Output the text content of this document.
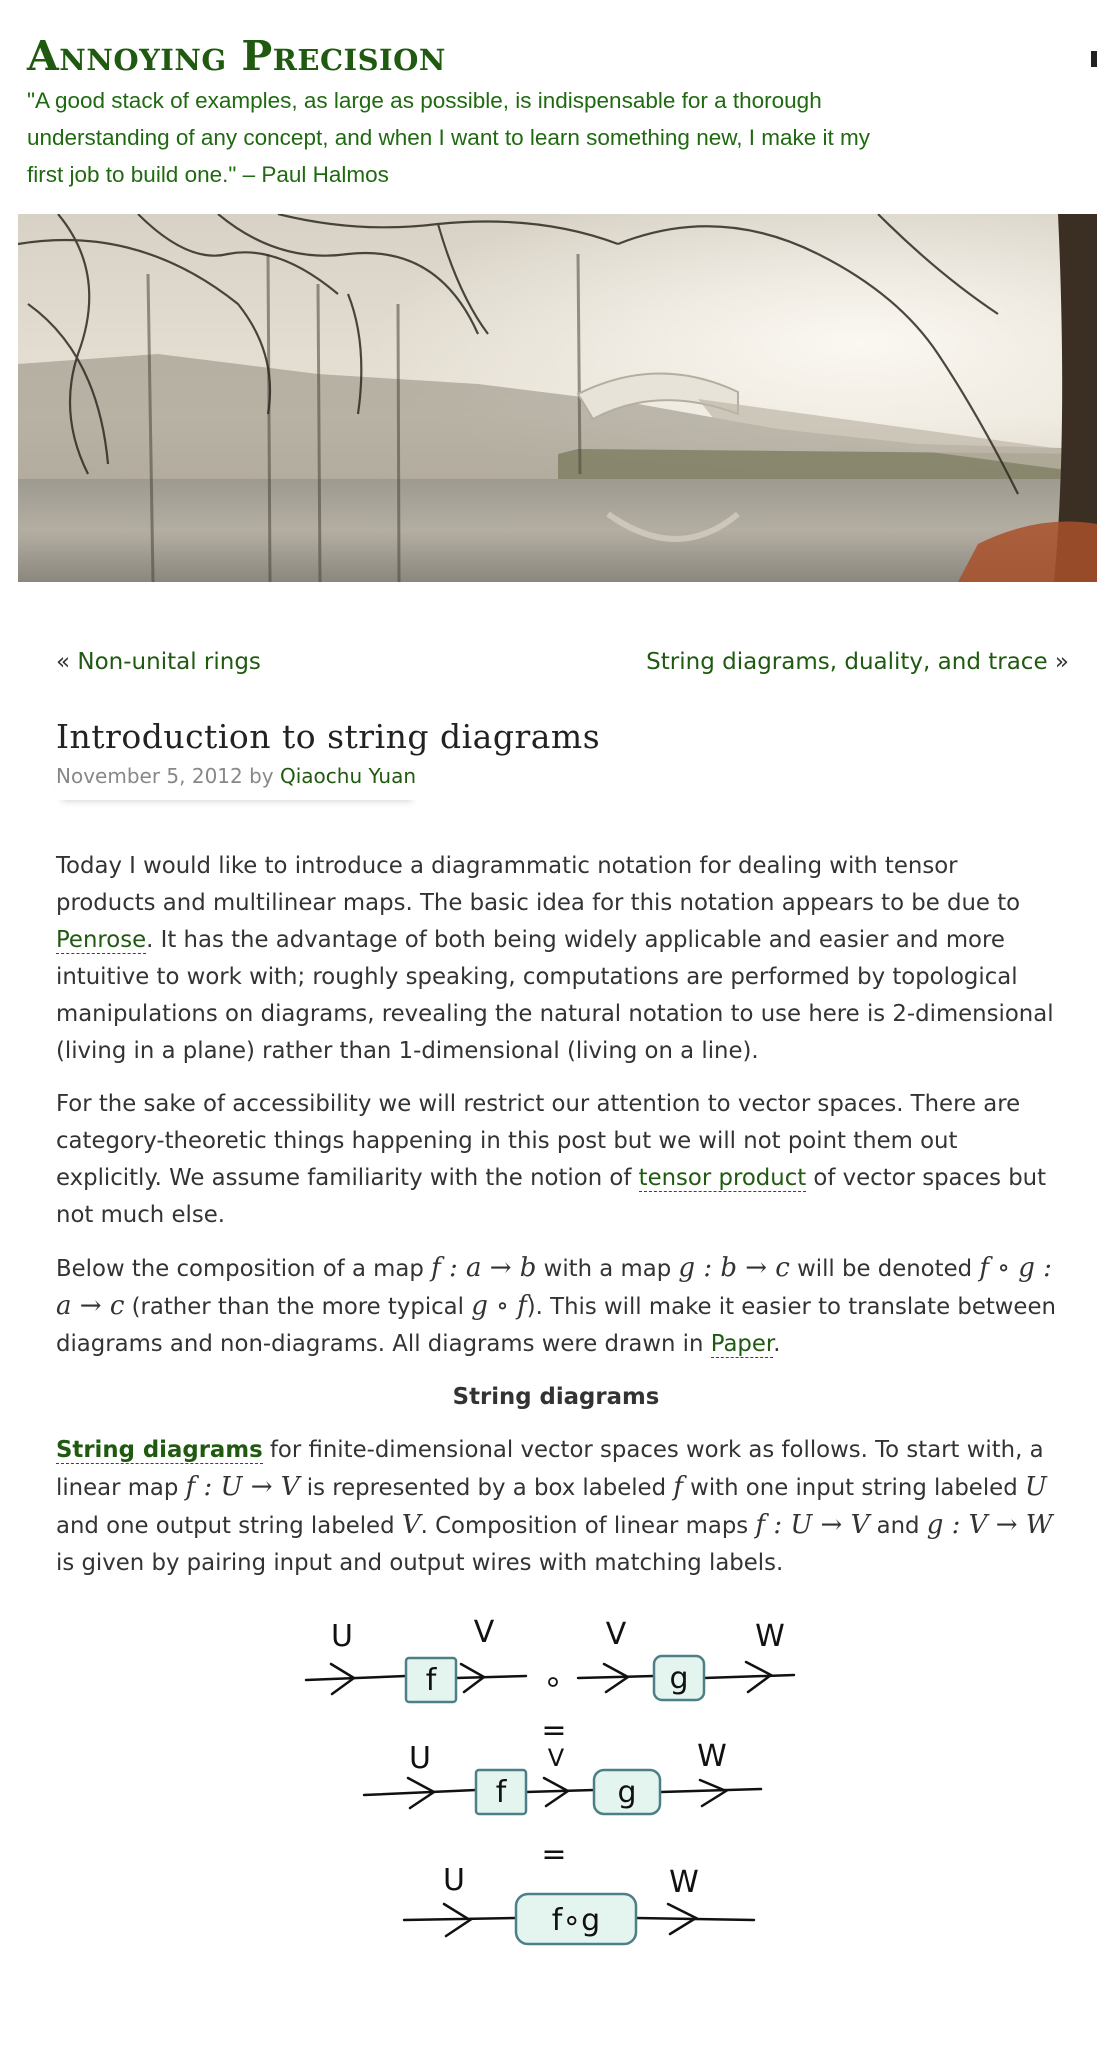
Annoying Precision
"A good stack of examples, as large as possible, is indispensable for a thorough understanding of any concept, and when I want to learn something new, I make it my first job to build one." – Paul Halmos
« Non-unital rings	String diagrams, duality, and trace »
Introduction to string diagrams
November 5, 2012 by Qiaochu Yuan

Today I would like to introduce a diagrammatic notation for dealing with tensor products and multilinear maps. The basic idea for this notation appears to be due to Penrose. It has the advantage of both being widely applicable and easier and more intuitive to work with; roughly speaking, computations are performed by topological manipulations on diagrams, revealing the natural notation to use here is 2-dimensional (living in a plane) rather than 1-dimensional (living on a line).

For the sake of accessibility we will restrict our attention to vector spaces. There are category-theoretic things happening in this post but we will not point them out explicitly. We assume familiarity with the notion of tensor product of vector spaces but not much else.

Below the composition of a map f : a → b with a map g : b → c will be denoted f ∘ g : a → c (rather than the more typical g ∘ f). This will make it easier to translate between diagrams and non-diagrams. All diagrams were drawn in Paper.

String diagrams

String diagrams for finite-dimensional vector spaces work as follows. To start with, a linear map f : U → V is represented by a box labeled f with one input string labeled U and one output string labeled V. Composition of linear maps f : U → V and g : V → W is given by pairing input and output wires with matching labels.

U	V	V	W
f	g
∘
=
U	V	W
f	g
=
U	W
f∘g
